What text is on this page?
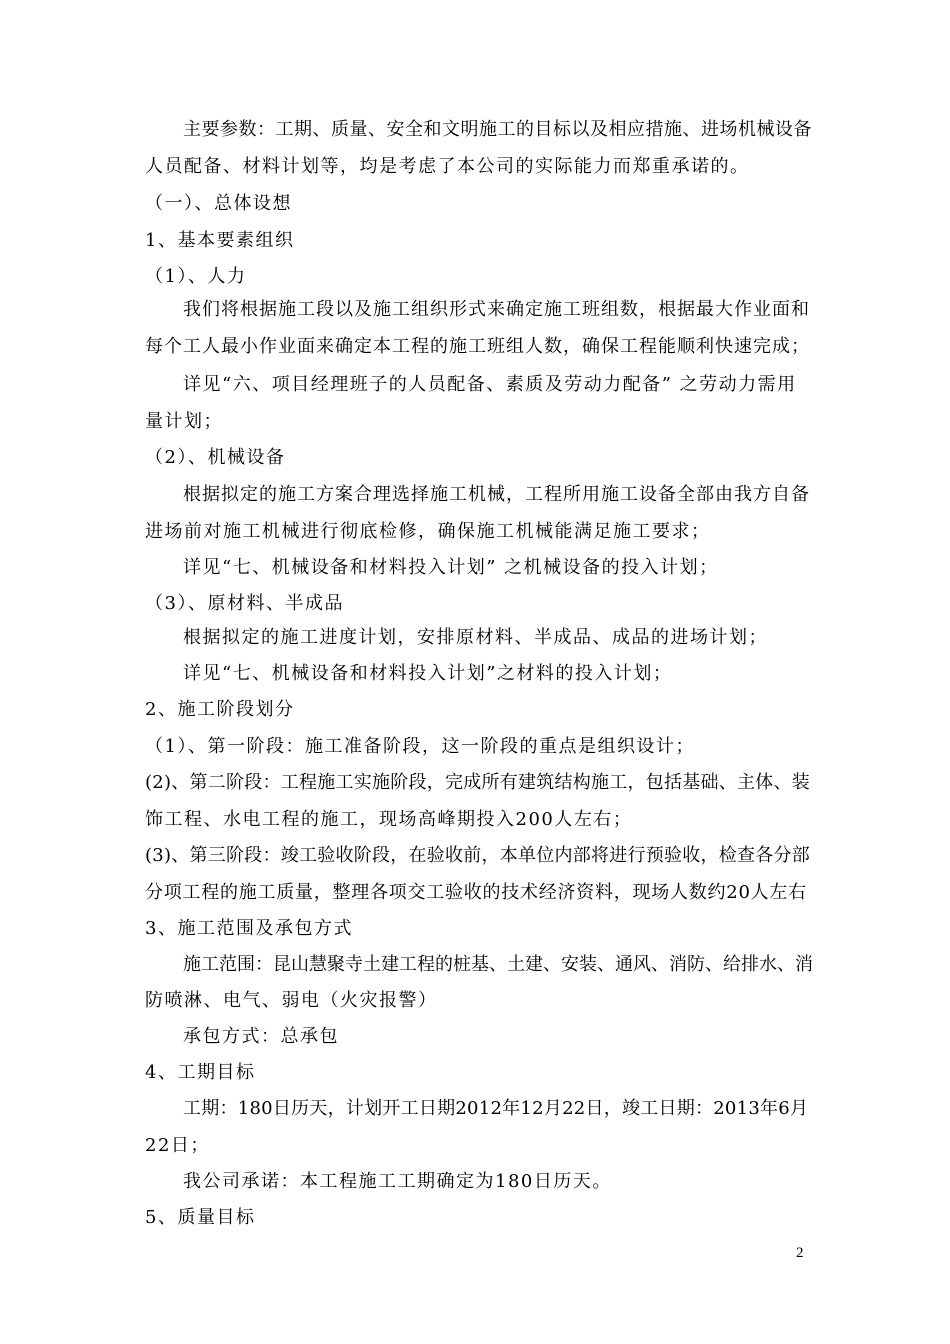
主要参数：工期、质量、安全和文明施工的目标以及相应措施、进场机械设备
人员配备、材料计划等，均是考虑了本公司的实际能力而郑重承诺的。
（一）、总体设想
1、基本要素组织
（1）、人力
我们将根据施工段以及施工组织形式来确定施工班组数，根据最大作业面和
每个工人最小作业面来确定本工程的施工班组人数，确保工程能顺利快速完成；
详见“六、项目经理班子的人员配备、素质及劳动力配备” 之劳动力需用
量计划；
（2）、机械设备
根据拟定的施工方案合理选择施工机械，工程所用施工设备全部由我方自备
进场前对施工机械进行彻底检修，确保施工机械能满足施工要求；
详见“七、机械设备和材料投入计划” 之机械设备的投入计划；
（3）、原材料、半成品
根据拟定的施工进度计划，安排原材料、半成品、成品的进场计划；
详见“七、机械设备和材料投入计划”之材料的投入计划；
2、施工阶段划分
（1）、第一阶段：施工准备阶段，这一阶段的重点是组织设计；
(2)、第二阶段：工程施工实施阶段，完成所有建筑结构施工，包括基础、主体、装
饰工程、水电工程的施工，现场高峰期投入200人左右；
(3)、第三阶段：竣工验收阶段，在验收前，本单位内部将进行预验收，检查各分部
分项工程的施工质量，整理各项交工验收的技术经济资料，现场人数约20人左右
3、施工范围及承包方式
施工范围：昆山慧聚寺土建工程的桩基、土建、安装、通风、消防、给排水、消
防喷淋、电气、弱电（火灾报警）
承包方式：总承包
4、工期目标
工期：180日历天，计划开工日期2012年12月22日，竣工日期：2013年6月
22日；
我公司承诺：本工程施工工期确定为180日历天。
5、质量目标
2
